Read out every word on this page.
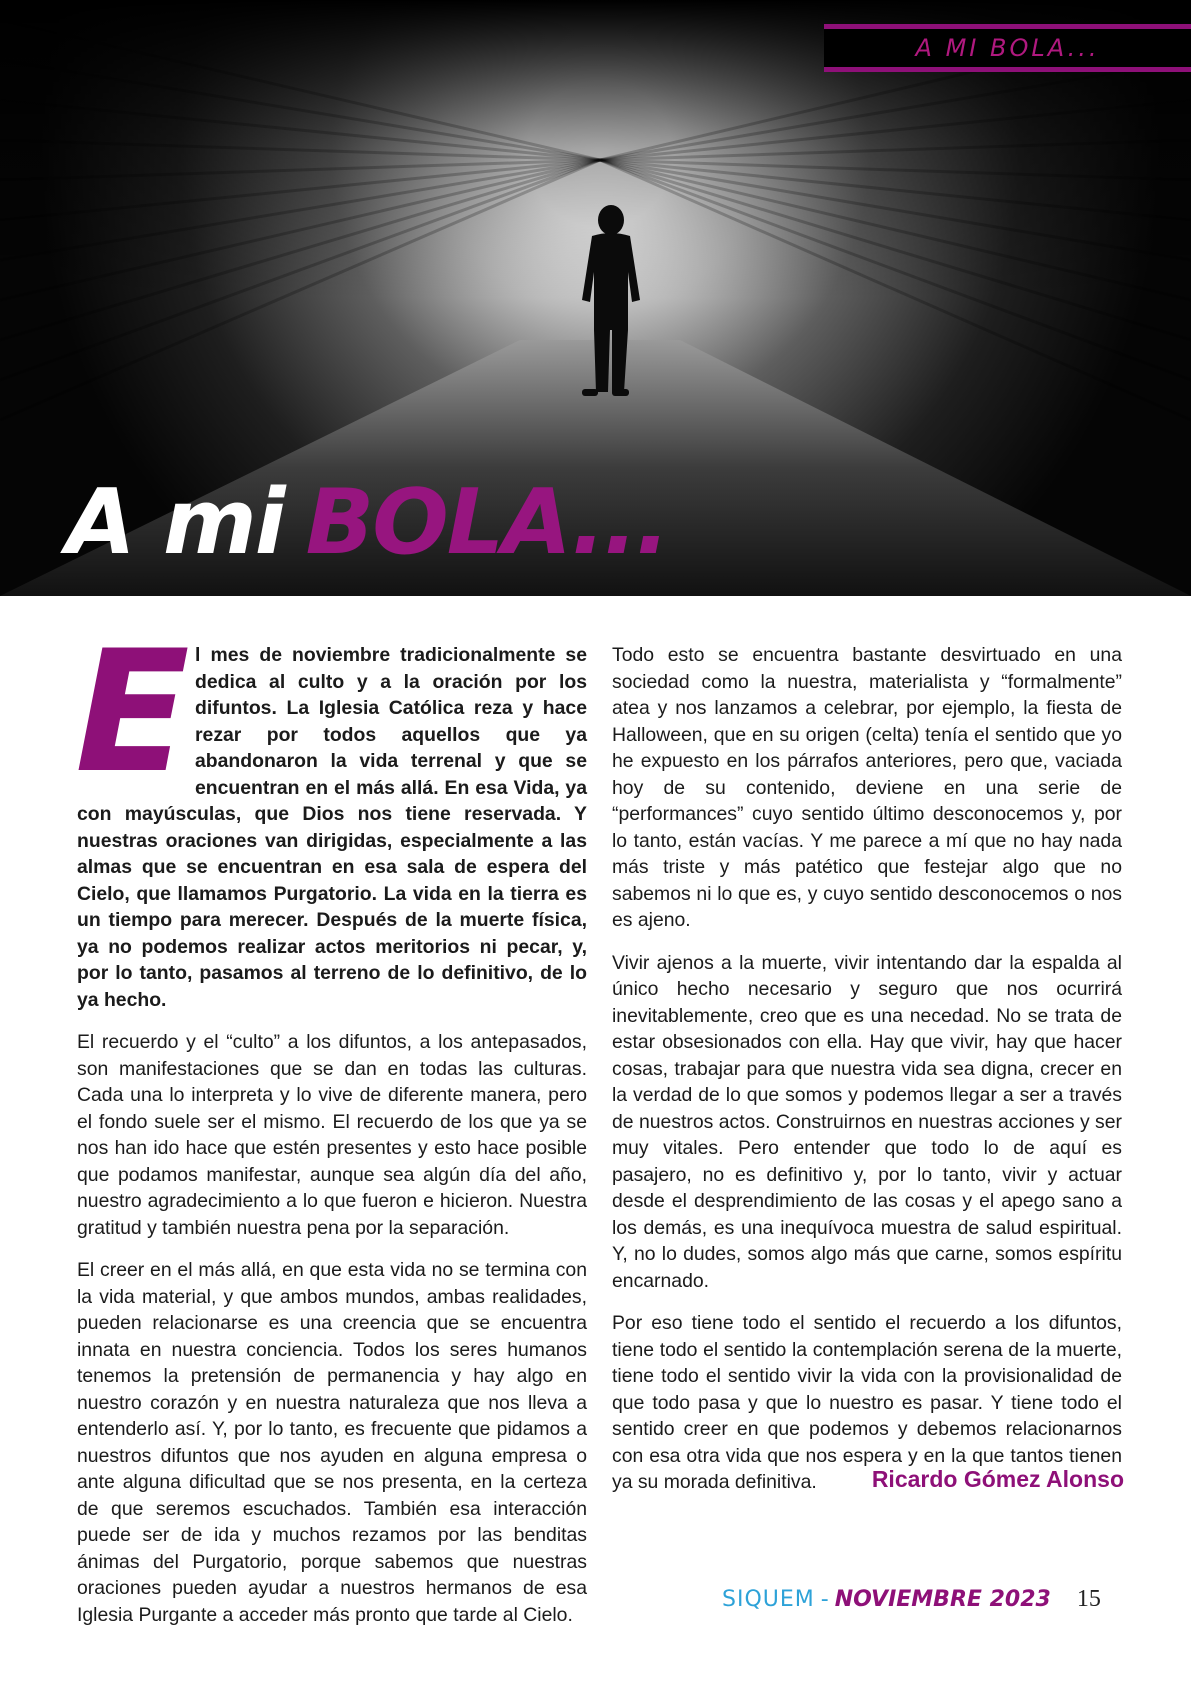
A MI BOLA...
A mi BOLA...
E l mes de noviembre tradicionalmente se dedica al culto y a la oración por los difuntos. La Iglesia Católica reza y hace rezar por todos aquellos que ya abandonaron la vida terrenal y que se encuentran en el más allá. En esa Vida, ya con mayúsculas, que Dios nos tiene reservada. Y nuestras oraciones van dirigidas, especialmente a las almas que se encuentran en esa sala de espera del Cielo, que llamamos Purgatorio. La vida en la tierra es un tiempo para merecer. Después de la muerte física, ya no podemos realizar actos meritorios ni pecar, y, por lo tanto, pasamos al terreno de lo definitivo, de lo ya hecho.

El recuerdo y el “culto” a los difuntos, a los antepasados, son manifestaciones que se dan en todas las culturas. Cada una lo interpreta y lo vive de diferente manera, pero el fondo suele ser el mismo. El recuerdo de los que ya se nos han ido hace que estén presentes y esto hace posible que podamos manifestar, aunque sea algún día del año, nuestro agradecimiento a lo que fueron e hicieron. Nuestra gratitud y también nuestra pena por la separación.

El creer en el más allá, en que esta vida no se termina con la vida material, y que ambos mundos, ambas realidades, pueden relacionarse es una creencia que se encuentra innata en nuestra conciencia. Todos los seres humanos tenemos la pretensión de permanencia y hay algo en nuestro corazón y en nuestra naturaleza que nos lleva a entenderlo así. Y, por lo tanto, es frecuente que pidamos a nuestros difuntos que nos ayuden en alguna empresa o ante alguna dificultad que se nos presenta, en la certeza de que seremos escuchados. También esa interacción puede ser de ida y muchos rezamos por las benditas ánimas del Purgatorio, porque sabemos que nuestras oraciones pueden ayudar a nuestros hermanos de esa Iglesia Purgante a acceder más pronto que tarde al Cielo.

Todo esto se encuentra bastante desvirtuado en una sociedad como la nuestra, materialista y “formalmente” atea y nos lanzamos a celebrar, por ejemplo, la fiesta de Halloween, que en su origen (celta) tenía el sentido que yo he expuesto en los párrafos anteriores, pero que, vaciada hoy de su contenido, deviene en una serie de “performances” cuyo sentido último desconocemos y, por lo tanto, están vacías. Y me parece a mí que no hay nada más triste y más patético que festejar algo que no sabemos ni lo que es, y cuyo sentido desconocemos o nos es ajeno.

Vivir ajenos a la muerte, vivir intentando dar la espalda al único hecho necesario y seguro que nos ocurrirá inevitablemente, creo que es una necedad. No se trata de estar obsesionados con ella. Hay que vivir, hay que hacer cosas, trabajar para que nuestra vida sea digna, crecer en la verdad de lo que somos y podemos llegar a ser a través de nuestros actos. Construirnos en nuestras acciones y ser muy vitales. Pero entender que todo lo de aquí es pasajero, no es definitivo y, por lo tanto, vivir y actuar desde el desprendimiento de las cosas y el apego sano a los demás, es una inequívoca muestra de salud espiritual. Y, no lo dudes, somos algo más que carne, somos espíritu encarnado.

Por eso tiene todo el sentido el recuerdo a los difuntos, tiene todo el sentido la contemplación serena de la muerte, tiene todo el sentido vivir la vida con la provisionalidad de que todo pasa y que lo nuestro es pasar. Y tiene todo el sentido creer en que podemos y debemos relacionarnos con esa otra vida que nos espera y en la que tantos tienen ya su morada definitiva.	Ricardo Gómez Alonso
SIQUEM - NOVIEMBRE 2023 15
